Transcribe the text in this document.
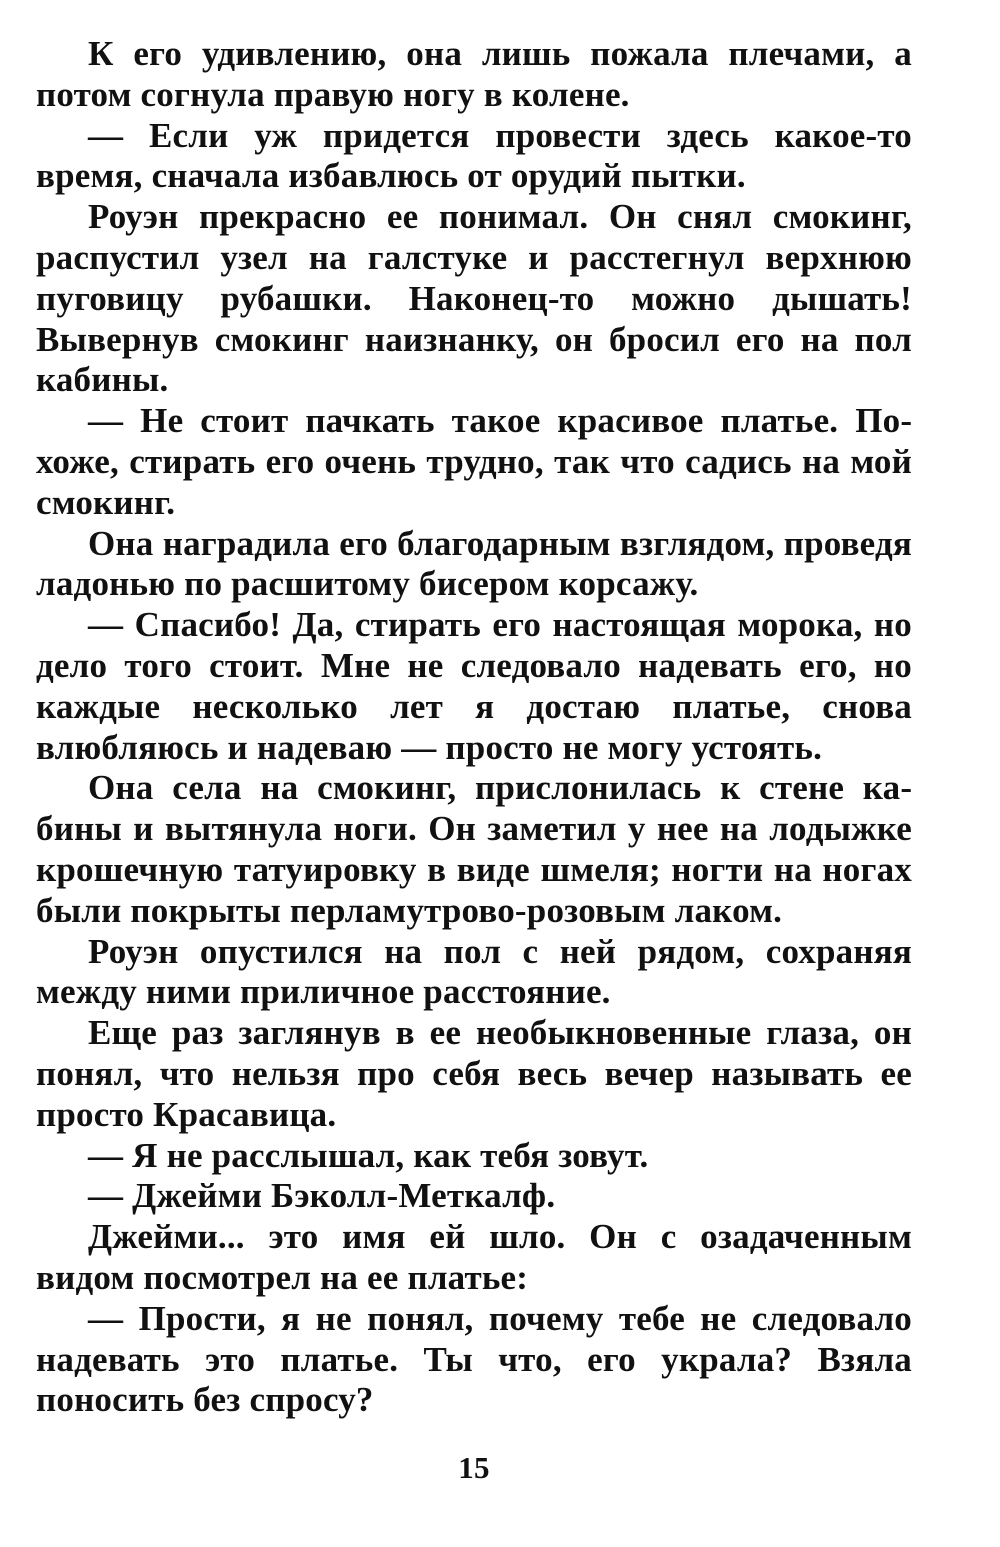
К его удивлению, она лишь пожала плечами, а потом согнула правую ногу в колене.

— Если уж придется провести здесь какое-то время, сначала избавлюсь от орудий пытки.

Роуэн прекрасно ее понимал. Он снял смокинг, распустил узел на галстуке и расстегнул верхнюю пуговицу рубашки. Наконец-то можно дышать! Вывернув смокинг наизнанку, он бросил его на пол кабины.

— Не стоит пачкать такое красивое платье. Похоже, стирать его очень трудно, так что садись на мой смокинг.

Она наградила его благодарным взглядом, проведя ладонью по расшитому бисером корсажу.

— Спасибо! Да, стирать его настоящая морока, но дело того стоит. Мне не следовало надевать его, но каждые несколько лет я достаю платье, снова влюбляюсь и надеваю — просто не могу устоять.

Она села на смокинг, прислонилась к стене кабины и вытянула ноги. Он заметил у нее на лодыжке крошечную татуировку в виде шмеля; ногти на ногах были покрыты перламутрово-розовым лаком.

Роуэн опустился на пол с ней рядом, сохраняя между ними приличное расстояние.

Еще раз заглянув в ее необыкновенные глаза, он понял, что нельзя про себя весь вечер называть ее просто Красавица.

— Я не расслышал, как тебя зовут.

— Джейми Бэколл-Меткалф.

Джейми... это имя ей шло. Он с озадаченным видом посмотрел на ее платье:

— Прости, я не понял, почему тебе не следовало надевать это платье. Ты что, его украла? Взяла поносить без спросу?

15
